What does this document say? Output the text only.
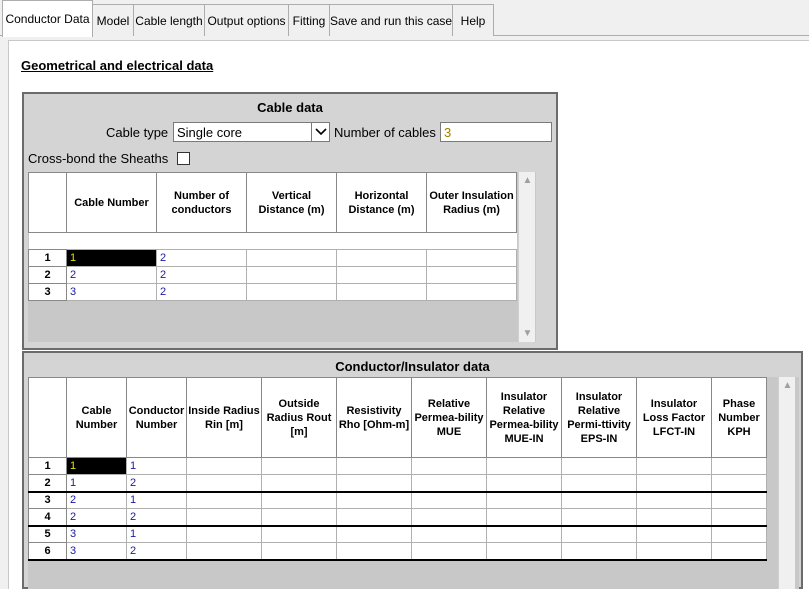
Conductor Data Model Cable length Output options Fitting Save and run this case Help
Geometrical and electrical data
Cable data
Cable type Single core	Number of cables 3
Cross-bond the Sheaths
	Cable Number	Number of conductors	Vertical Distance (m)	Horizontal Distance (m)	Outer Insulation Radius (m)

1	1	2			
2	2	2			
3	3	2			
▲
▼
Conductor/Insulator data
	Cable Number	Conductor Number	Inside Radius Rin [m]	Outside Radius Rout [m]	Resistivity Rho [Ohm-m]	Relative Permea-bility MUE	Insulator Relative Permea-bility MUE-IN	Insulator Relative Permi-ttivity EPS-IN	Insulator Loss Factor LFCT-IN	Phase Number KPH
1	1	1								
2	1	2								
3	2	1								
4	2	2								
5	3	1								
6	3	2								
▲
